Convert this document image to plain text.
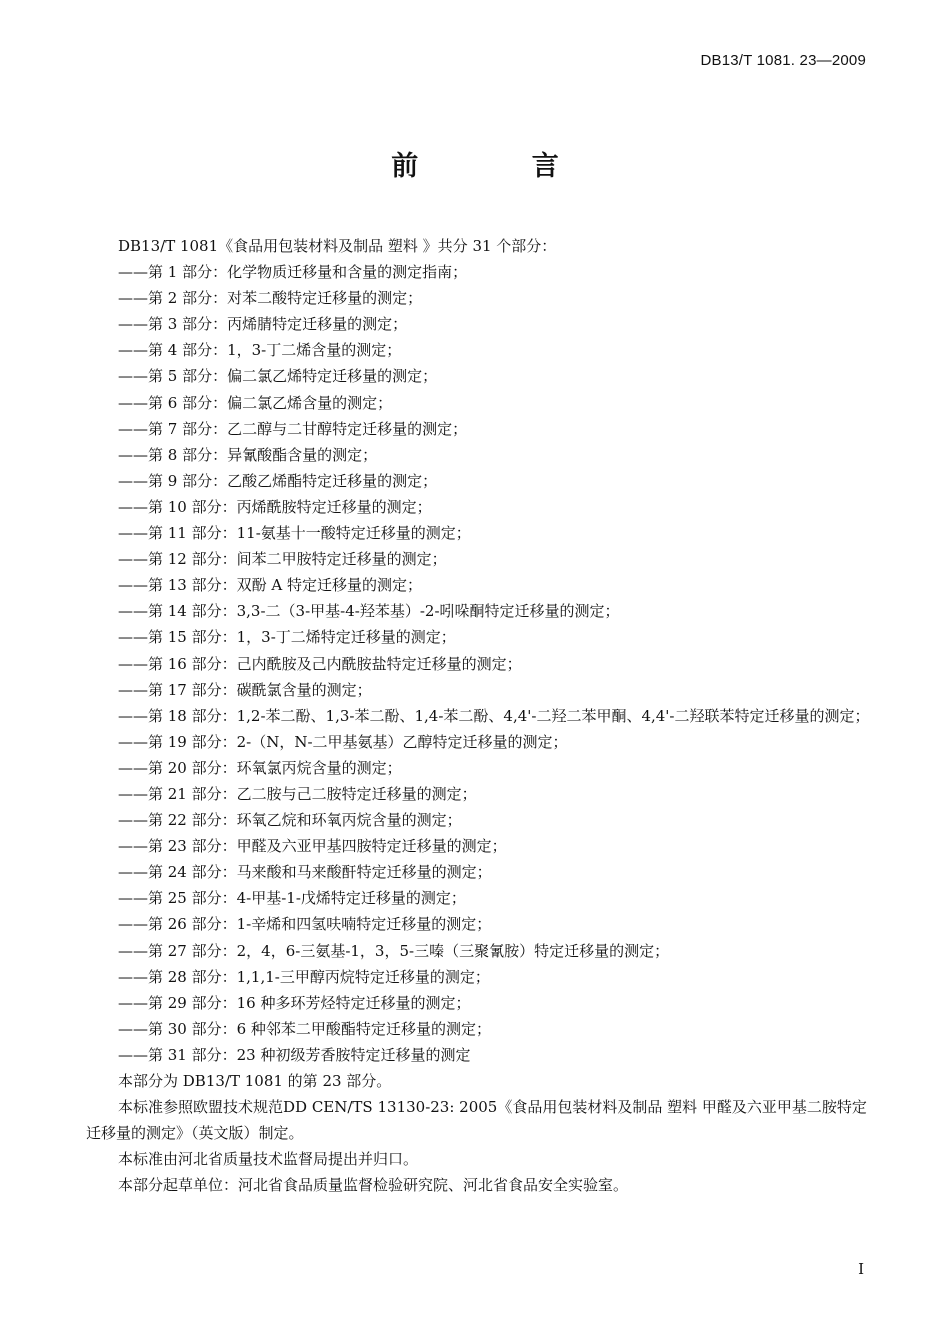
DB13/T 1081. 23—2009
前 言
DB13/T 1081《食品用包装材料及制品 塑料 》共分 31 个部分：
——第 1 部分：化学物质迁移量和含量的测定指南；
——第 2 部分：对苯二酸特定迁移量的测定；
——第 3 部分：丙烯腈特定迁移量的测定；
——第 4 部分：1，3-丁二烯含量的测定；
——第 5 部分：偏二氯乙烯特定迁移量的测定；
——第 6 部分：偏二氯乙烯含量的测定；
——第 7 部分：乙二醇与二甘醇特定迁移量的测定；
——第 8 部分：异氰酸酯含量的测定；
——第 9 部分：乙酸乙烯酯特定迁移量的测定；
——第 10 部分：丙烯酰胺特定迁移量的测定；
——第 11 部分：11-氨基十一酸特定迁移量的测定；
——第 12 部分：间苯二甲胺特定迁移量的测定；
——第 13 部分：双酚 A 特定迁移量的测定；
——第 14 部分：3,3-二（3-甲基-4-羟苯基）-2-吲哚酮特定迁移量的测定；
——第 15 部分：1，3-丁二烯特定迁移量的测定；
——第 16 部分：己内酰胺及己内酰胺盐特定迁移量的测定；
——第 17 部分：碳酰氯含量的测定；
——第 18 部分：1,2-苯二酚、1,3-苯二酚、1,4-苯二酚、4,4'-二羟二苯甲酮、4,4'-二羟联苯特定迁移量的测定；
——第 19 部分：2-（N，N-二甲基氨基）乙醇特定迁移量的测定；
——第 20 部分：环氧氯丙烷含量的测定；
——第 21 部分：乙二胺与己二胺特定迁移量的测定；
——第 22 部分：环氧乙烷和环氧丙烷含量的测定；
——第 23 部分：甲醛及六亚甲基四胺特定迁移量的测定；
——第 24 部分：马来酸和马来酸酐特定迁移量的测定；
——第 25 部分：4-甲基-1-戊烯特定迁移量的测定；
——第 26 部分：1-辛烯和四氢呋喃特定迁移量的测定；
——第 27 部分：2，4，6-三氨基-1，3，5-三嗪（三聚氰胺）特定迁移量的测定；
——第 28 部分：1,1,1-三甲醇丙烷特定迁移量的测定；
——第 29 部分：16 种多环芳烃特定迁移量的测定；
——第 30 部分：6 种邻苯二甲酸酯特定迁移量的测定；
——第 31 部分：23 种初级芳香胺特定迁移量的测定
本部分为 DB13/T 1081 的第 23 部分。
本标准参照欧盟技术规范DD CEN/TS 13130-23: 2005《食品用包装材料及制品 塑料 甲醛及六亚甲基二胺特定迁移量的测定》（英文版）制定。
本标准由河北省质量技术监督局提出并归口。
本部分起草单位：河北省食品质量监督检验研究院、河北省食品安全实验室。
I
